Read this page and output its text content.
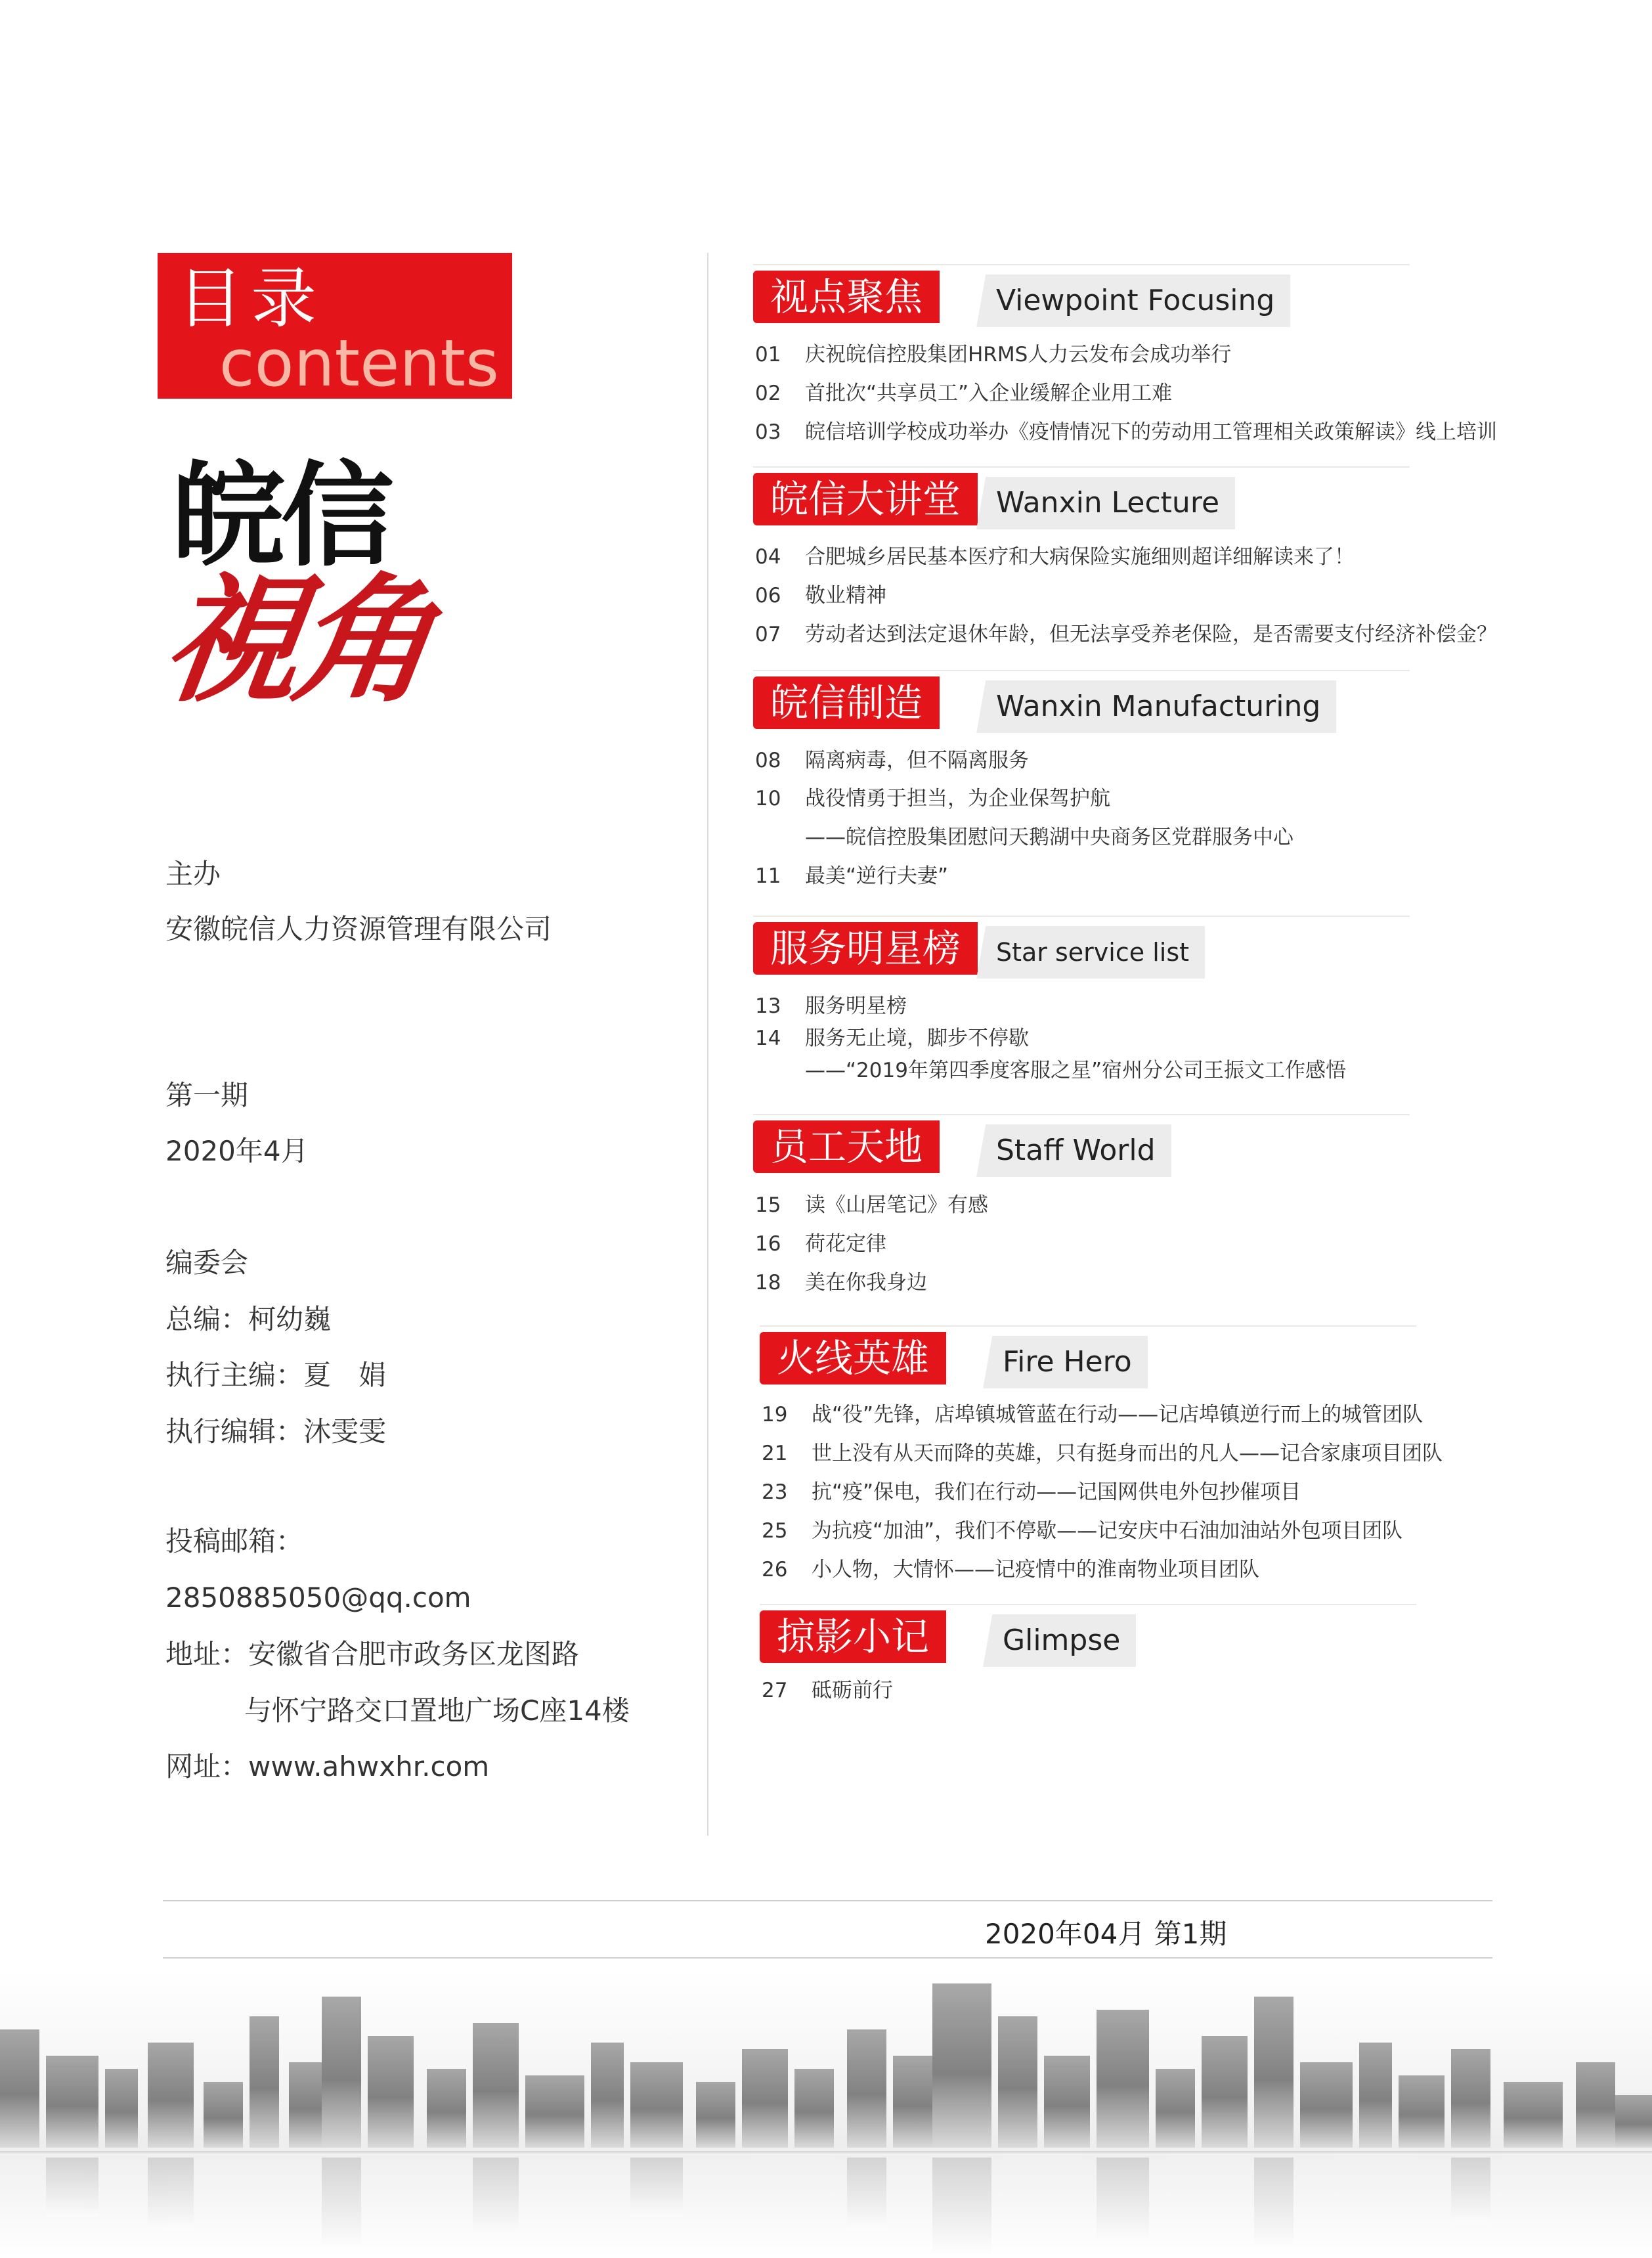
目录
contents
皖信
視角
主办
安徽皖信人力资源管理有限公司
第一期
2020年4月
编委会
总编：柯幼巍
执行主编：夏　娟
执行编辑：沐雯雯
投稿邮箱：
2850885050@qq.com
地址：安徽省合肥市政务区龙图路
与怀宁路交口置地广场C座14楼
网址：www.ahwxhr.com
视点聚焦	Viewpoint Focusing
01 庆祝皖信控股集团HRMS人力云发布会成功举行
02 首批次“共享员工”入企业缓解企业用工难
03 皖信培训学校成功举办《疫情情况下的劳动用工管理相关政策解读》线上培训
皖信大讲堂	Wanxin Lecture
04 合肥城乡居民基本医疗和大病保险实施细则超详细解读来了！
06 敬业精神
07 劳动者达到法定退休年龄，但无法享受养老保险，是否需要支付经济补偿金？
皖信制造	Wanxin Manufacturing
08 隔离病毒，但不隔离服务
10 战役情勇于担当，为企业保驾护航
——皖信控股集团慰问天鹅湖中央商务区党群服务中心
11 最美“逆行夫妻”
服务明星榜	Star service list
13 服务明星榜
14 服务无止境，脚步不停歇
——“2019年第四季度客服之星”宿州分公司王振文工作感悟
员工天地	Staff World
15 读《山居笔记》有感
16 荷花定律
18 美在你我身边
火线英雄	Fire Hero
19 战“役”先锋，店埠镇城管蓝在行动——记店埠镇逆行而上的城管团队
21 世上没有从天而降的英雄，只有挺身而出的凡人——记合家康项目团队
23 抗“疫”保电，我们在行动——记国网供电外包抄催项目
25 为抗疫“加油”，我们不停歇——记安庆中石油加油站外包项目团队
26 小人物，大情怀——记疫情中的淮南物业项目团队
掠影小记	Glimpse
27 砥砺前行
2020年04月 第1期
